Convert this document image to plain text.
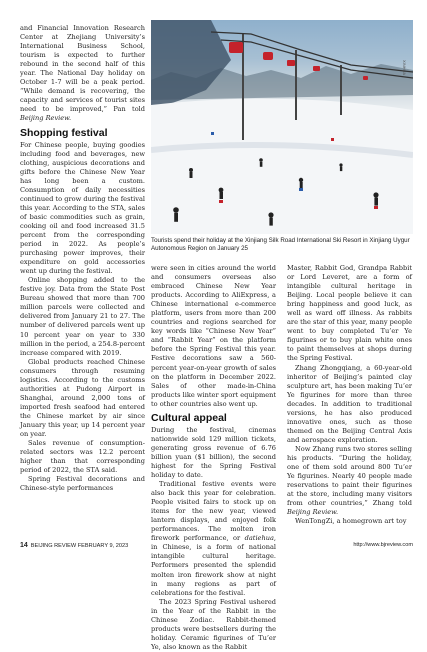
and Financial Innovation Research Center at Zhejiang University’s International Business School, tourism is expected to further rebound in the second half of this year. The National Day holiday on October 1-7 will be a peak period. “While demand is recovering, the capacity and services of tourist sites need to be improved,” Pan told Beijing Review.

Shopping festival

For Chinese people, buying goodies including food and beverages, new clothing, auspicious decorations and gifts before the Chinese New Year has long been a custom. Consumption of daily necessities continued to grow during the festival this year. According to the STA, sales of basic commodities such as grain, cooking oil and food increased 31.5 percent from the corresponding period in 2022. As people’s purchasing power improves, their expenditure on gold accessories went up during the festival.

Online shopping added to the festive joy. Data from the State Post Bureau showed that more than 700 million parcels were collected and delivered from January 21 to 27. The number of delivered parcels went up 10 percent year on year to 330 million in the period, a 254.8-percent increase compared with 2019.

Global products reached Chinese consumers through resuming logistics. According to the customs authorities at Pudong Airport in Shanghai, around 2,000 tons of imported fresh seafood had entered the Chinese market by air since January this year, up 14 percent year on year.

Sales revenue of consumption-related sectors was 12.2 percent higher than that corresponding period of 2022, the STA said.

Spring Festival decorations and Chinese-style performances

XINHUA
Tourists spend their holiday at the Xinjiang Silk Road International Ski Resort in Xinjiang Uygur Autonomous Region on January 25

were seen in cities around the world and consumers overseas also embraced Chinese New Year products. According to AliExpress, a Chinese international e-commerce platform, users from more than 200 countries and regions searched for key words like “Chinese New Year” and “Rabbit Year” on the platform before the Spring Festival this year. Festive decorations saw a 560-percent year-on-year growth of sales on the platform in December 2022. Sales of other made-in-China products like winter sport equipment to other countries also went up.

Cultural appeal

During the festival, cinemas nationwide sold 129 million tickets, generating gross revenue of 6.76 billion yuan ($1 billion), the second highest for the Spring Festival holiday to date.

Traditional festive events were also back this year for celebration. People visited fairs to stock up on items for the new year, viewed lantern displays, and enjoyed folk performances. The molten iron firework performance, or datiehua, in Chinese, is a form of national intangible cultural heritage. Performers presented the splendid molten iron firework show at night in many regions as part of celebrations for the festival.

The 2023 Spring Festival ushered in the Year of the Rabbit in the Chinese Zodiac. Rabbit-themed products were bestsellers during the holiday. Ceramic figurines of Tu’er Ye, also known as the Rabbit

Master, Rabbit God, Grandpa Rabbit or Lord Leveret, are a form of intangible cultural heritage in Beijing. Local people believe it can bring happiness and good luck, as well as ward off illness. As rabbits are the star of this year, many people went to buy completed Tu’er Ye figurines or to buy plain white ones to paint themselves at shops during the Spring Festival.

Zhang Zhongqiang, a 60-year-old inheritor of Beijing’s painted clay sculpture art, has been making Tu’er Ye figurines for more than three decades. In addition to traditional versions, he has also produced innovative ones, such as those themed on the Beijing Central Axis and aerospace exploration.

Now Zhang runs two stores selling his products. “During the holiday, one of them sold around 800 Tu’er Ye figurines. Nearly 40 people made reservations to paint their figurines at the store, including many visitors from other countries,” Zhang told Beijing Review.

WenTongZi, a homegrown art toy

14 BEIJING REVIEW FEBRUARY 9, 2023	http://www.bjreview.com
